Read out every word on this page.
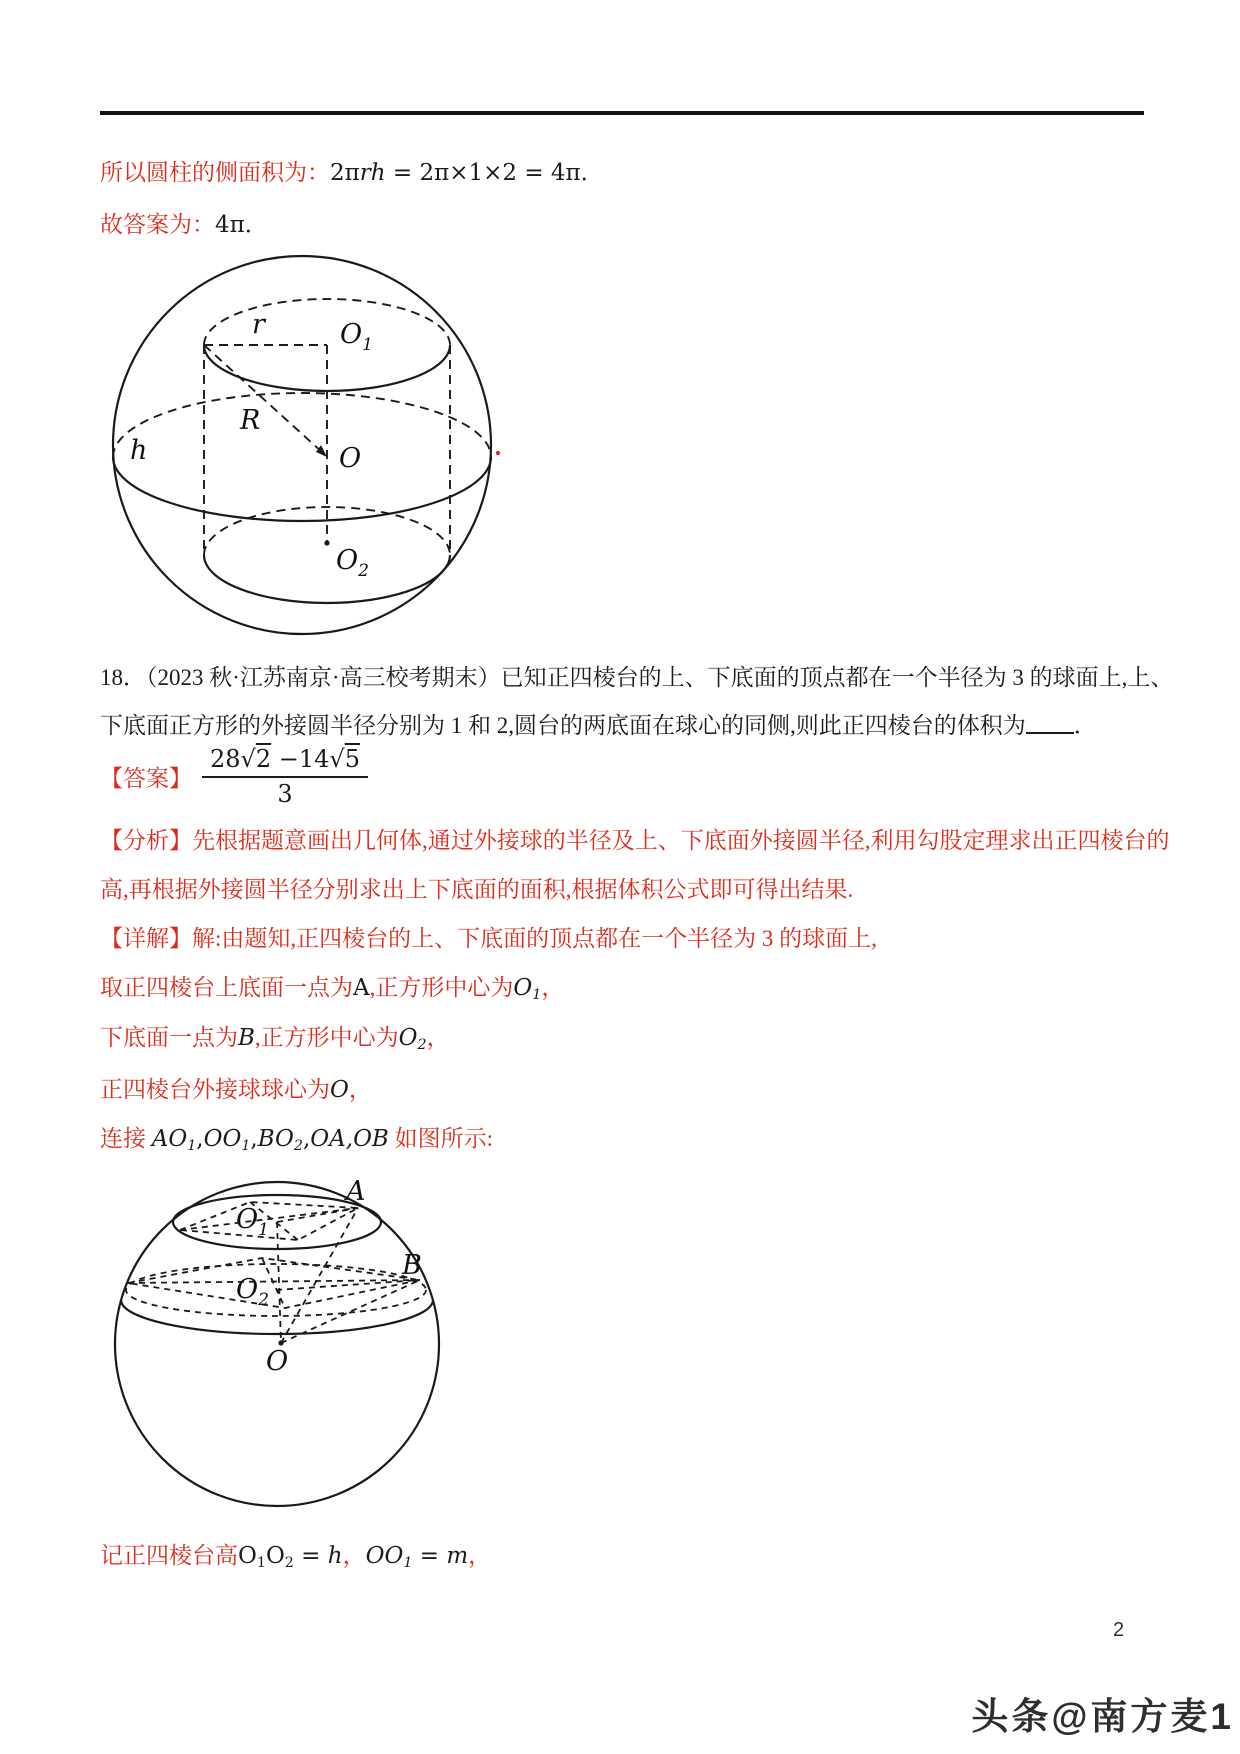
所以圆柱的侧面积为：2πrh = 2π×1×2 = 4π．
故答案为：4π．
r	$O_1$
R
h	O
$O_2$
18．（2023 秋·江苏南京·高三校考期末）已知正四棱台的上、下底面的顶点都在一个半径为 3 的球面上,上、
下底面正方形的外接圆半径分别为 1 和 2,圆台的两底面在球心的同侧,则此正四棱台的体积为 ．
【答案】 $\frac{28√2 -14√5}{3}$
【分析】先根据题意画出几何体,通过外接球的半径及上、下底面外接圆半径,利用勾股定理求出正四棱台的
高,再根据外接圆半径分别求出上下底面的面积,根据体积公式即可得出结果.
【详解】解:由题知,正四棱台的上、下底面的顶点都在一个半径为 3 的球面上,
取正四棱台上底面一点为A,正方形中心为$O_1$，
下底面一点为B,正方形中心为$O_2$，
正四棱台外接球球心为O，
连接 $AO_1,OO_1,BO_2,OA,OB$ 如图所示:
A
B
$O_1$
$O_2$
O
记正四棱台高$O_1O_2 = h$，$OO_1 = m$，
2
头条@南方麦1
